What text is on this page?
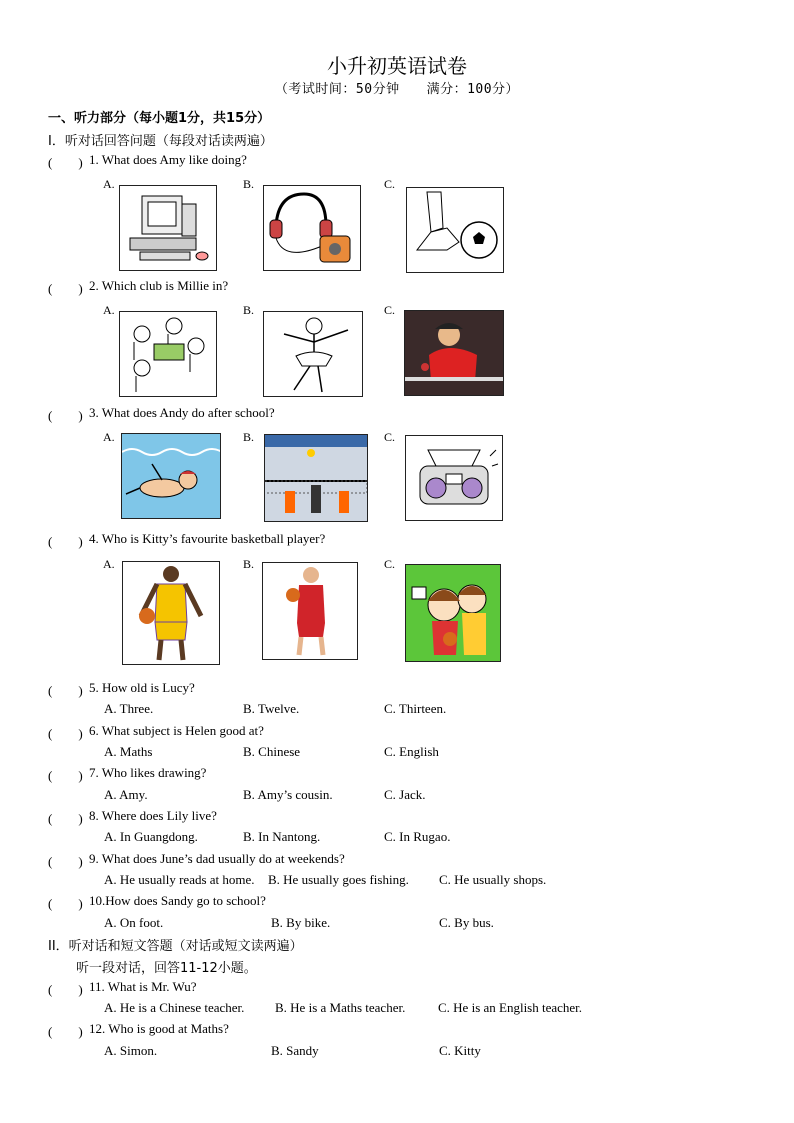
小升初英语试卷
（考试时间：50分钟　　满分：100分）
一、听力部分（每小题1分，共15分）
I．听对话回答问题（每段对话读两遍）
(　　) 1. What does Amy like doing?
A.	B.	C.
(　　) 2. Which club is Millie in?
A.	B.	C.
(　　) 3. What does Andy do after school?
A.	B.	C.
(　　) 4. Who is Kitty’s favourite basketball player?
A.	B.	C.
(　　) 5. How old is Lucy?
A. Three.	B. Twelve.	C. Thirteen.
(　　) 6. What subject is Helen good at?
A. Maths	B. Chinese	C. English
(　　) 7. Who likes drawing?
A. Amy.	B. Amy’s cousin.	C. Jack.
(　　) 8. Where does Lily live?
A. In Guangdong.	B. In Nantong.	C. In Rugao.
(　　) 9. What does June’s dad usually do at weekends?
A. He usually reads at home. B. He usually goes fishing. C. He usually shops.
(　　) 10.How does Sandy go to school?
A. On foot.	B. By bike.	C. By bus.
II．听对话和短文答题（对话或短文读两遍）
听一段对话，回答11-12小题。
(　　) 11. What is Mr. Wu?
A. He is a Chinese teacher. B. He is a Maths teacher.	C. He is an English teacher.
(　　) 12. Who is good at Maths?
A. Simon.	B. Sandy	C. Kitty
